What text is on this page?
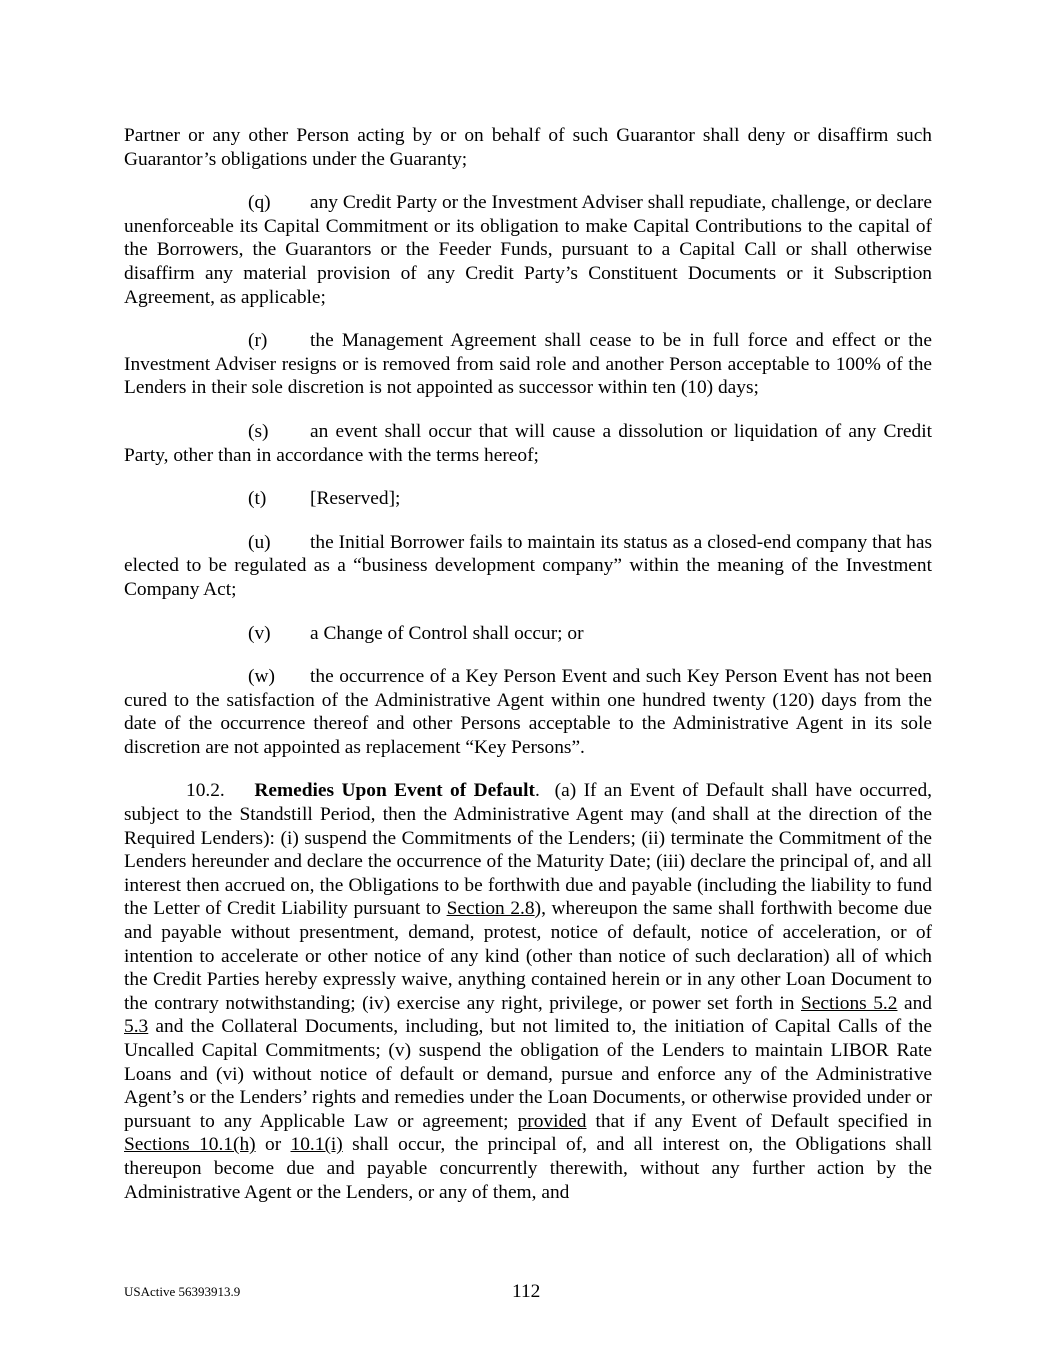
Partner or any other Person acting by or on behalf of such Guarantor shall deny or disaffirm such Guarantor’s obligations under the Guaranty;

(q) any Credit Party or the Investment Adviser shall repudiate, challenge, or declare unenforceable its Capital Commitment or its obligation to make Capital Contributions to the capital of the Borrowers, the Guarantors or the Feeder Funds, pursuant to a Capital Call or shall otherwise disaffirm any material provision of any Credit Party’s Constituent Documents or it Subscription Agreement, as applicable;

(r) the Management Agreement shall cease to be in full force and effect or the Investment Adviser resigns or is removed from said role and another Person acceptable to 100% of the Lenders in their sole discretion is not appointed as successor within ten (10) days;

(s) an event shall occur that will cause a dissolution or liquidation of any Credit Party, other than in accordance with the terms hereof;

(t) [Reserved];

(u) the Initial Borrower fails to maintain its status as a closed-end company that has elected to be regulated as a “business development company” within the meaning of the Investment Company Act;

(v) a Change of Control shall occur; or

(w) the occurrence of a Key Person Event and such Key Person Event has not been cured to the satisfaction of the Administrative Agent within one hundred twenty (120) days from the date of the occurrence thereof and other Persons acceptable to the Administrative Agent in its sole discretion are not appointed as replacement “Key Persons”.

10.2. Remedies Upon Event of Default. (a) If an Event of Default shall have occurred, subject to the Standstill Period, then the Administrative Agent may (and shall at the direction of the Required Lenders): (i) suspend the Commitments of the Lenders; (ii) terminate the Commitment of the Lenders hereunder and declare the occurrence of the Maturity Date; (iii) declare the principal of, and all interest then accrued on, the Obligations to be forthwith due and payable (including the liability to fund the Letter of Credit Liability pursuant to Section 2.8), whereupon the same shall forthwith become due and payable without presentment, demand, protest, notice of default, notice of acceleration, or of intention to accelerate or other notice of any kind (other than notice of such declaration) all of which the Credit Parties hereby expressly waive, anything contained herein or in any other Loan Document to the contrary notwithstanding; (iv) exercise any right, privilege, or power set forth in Sections 5.2 and 5.3 and the Collateral Documents, including, but not limited to, the initiation of Capital Calls of the Uncalled Capital Commitments; (v) suspend the obligation of the Lenders to maintain LIBOR Rate Loans and (vi) without notice of default or demand, pursue and enforce any of the Administrative Agent’s or the Lenders’ rights and remedies under the Loan Documents, or otherwise provided under or pursuant to any Applicable Law or agreement; provided that if any Event of Default specified in Sections 10.1(h) or 10.1(i) shall occur, the principal of, and all interest on, the Obligations shall thereupon become due and payable concurrently therewith, without any further action by the Administrative Agent or the Lenders, or any of them, and

USActive 56393913.9	112
